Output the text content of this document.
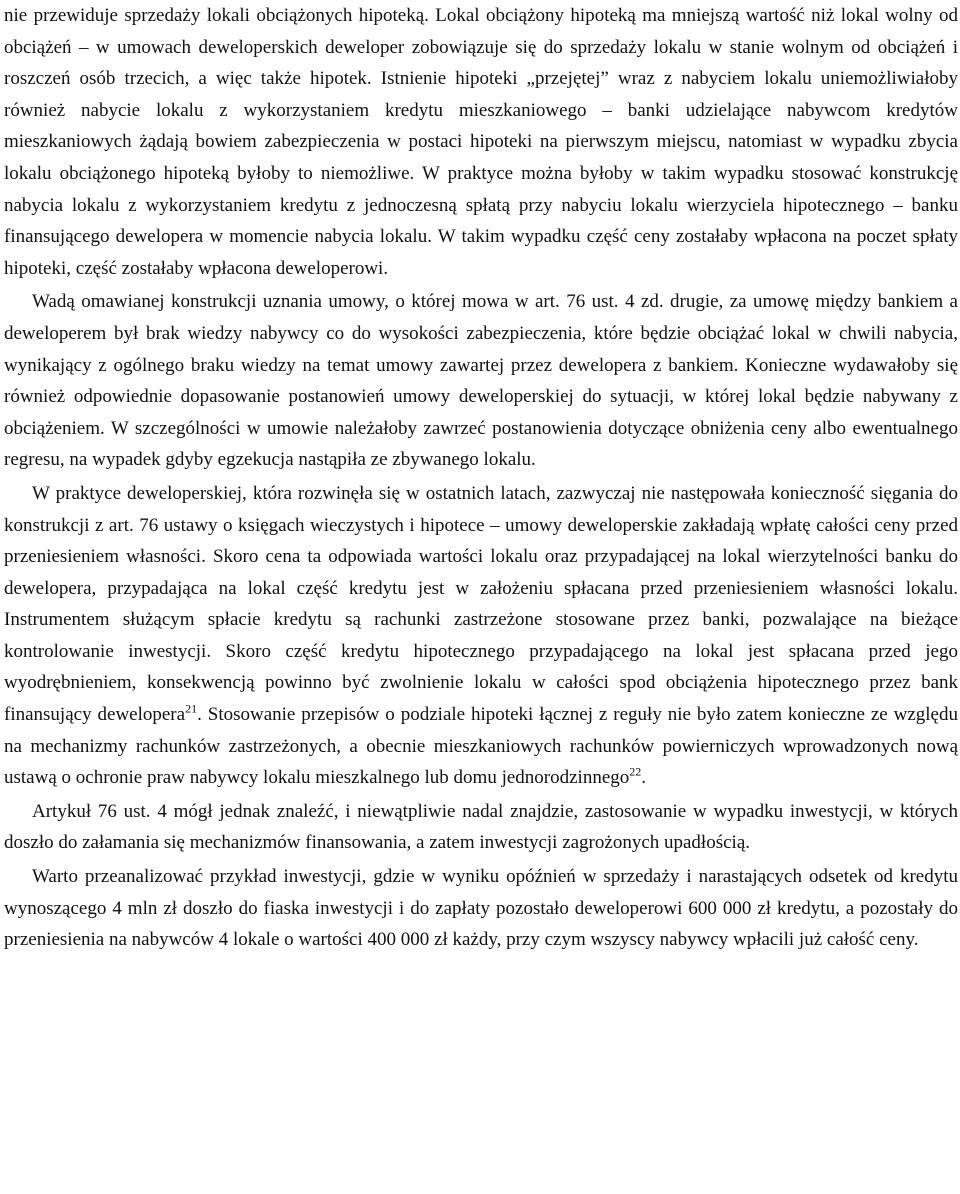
nie przewiduje sprzedaży lokali obciążonych hipoteką. Lokal obciążony hipoteką ma mniejszą wartość niż lokal wolny od obciążeń – w umowach deweloperskich deweloper zobowiązuje się do sprzedaży lokalu w stanie wolnym od obciążeń i roszczeń osób trzecich, a więc także hipotek. Istnienie hipoteki „przejętej” wraz z nabyciem lokalu uniemożliwiałoby również nabycie lokalu z wykorzystaniem kredytu mieszkaniowego – banki udzielające nabywcom kredytów mieszkaniowych żądają bowiem zabezpieczenia w postaci hipoteki na pierwszym miejscu, natomiast w wypadku zbycia lokalu obciążonego hipoteką byłoby to niemożliwe. W praktyce można byłoby w takim wypadku stosować konstrukcję nabycia lokalu z wykorzystaniem kredytu z jednoczesną spłatą przy nabyciu lokalu wierzyciela hipotecznego – banku finansującego dewelopera w momencie nabycia lokalu. W takim wypadku część ceny zostałaby wpłacona na poczet spłaty hipoteki, część zostałaby wpłacona deweloperowi.

Wadą omawianej konstrukcji uznania umowy, o której mowa w art. 76 ust. 4 zd. drugie, za umowę między bankiem a deweloperem był brak wiedzy nabywcy co do wysokości zabezpieczenia, które będzie obciążać lokal w chwili nabycia, wynikający z ogólnego braku wiedzy na temat umowy zawartej przez dewelopera z bankiem. Konieczne wydawałoby się również odpowiednie dopasowanie postanowień umowy deweloperskiej do sytuacji, w której lokal będzie nabywany z obciążeniem. W szczególności w umowie należałoby zawrzeć postanowienia dotyczące obniżenia ceny albo ewentualnego regresu, na wypadek gdyby egzekucja nastąpiła ze zbywanego lokalu.

W praktyce deweloperskiej, która rozwinęła się w ostatnich latach, zazwyczaj nie następowała konieczność sięgania do konstrukcji z art. 76 ustawy o księgach wieczystych i hipotece – umowy deweloperskie zakładają wpłatę całości ceny przed przeniesieniem własności. Skoro cena ta odpowiada wartości lokalu oraz przypadającej na lokal wierzytelności banku do dewelopera, przypadająca na lokal część kredytu jest w założeniu spłacana przed przeniesieniem własności lokalu. Instrumentem służącym spłacie kredytu są rachunki zastrzeżone stosowane przez banki, pozwalające na bieżące kontrolowanie inwestycji. Skoro część kredytu hipotecznego przypadającego na lokal jest spłacana przed jego wyodrębnieniem, konsekwencją powinno być zwolnienie lokalu w całości spod obciążenia hipotecznego przez bank finansujący dewelopera$^{21}$. Stosowanie przepisów o podziale hipoteki łącznej z reguły nie było zatem konieczne ze względu na mechanizmy rachunków zastrzeżonych, a obecnie mieszkaniowych rachunków powierniczych wprowadzonych nową ustawą o ochronie praw nabywcy lokalu mieszkalnego lub domu jednorodzinnego$^{22}$.

Artykuł 76 ust. 4 mógł jednak znaleźć, i niewątpliwie nadal znajdzie, zastosowanie w wypadku inwestycji, w których doszło do załamania się mechanizmów finansowania, a zatem inwestycji zagrożonych upadłością.

Warto przeanalizować przykład inwestycji, gdzie w wyniku opóźnień w sprzedaży i narastających odsetek od kredytu wynoszącego 4 mln zł doszło do fiaska inwestycji i do zapłaty pozostało deweloperowi 600 000 zł kredytu, a pozostały do przeniesienia na nabywców 4 lokale o wartości 400 000 zł każdy, przy czym wszyscy nabywcy wpłacili już całość ceny.
